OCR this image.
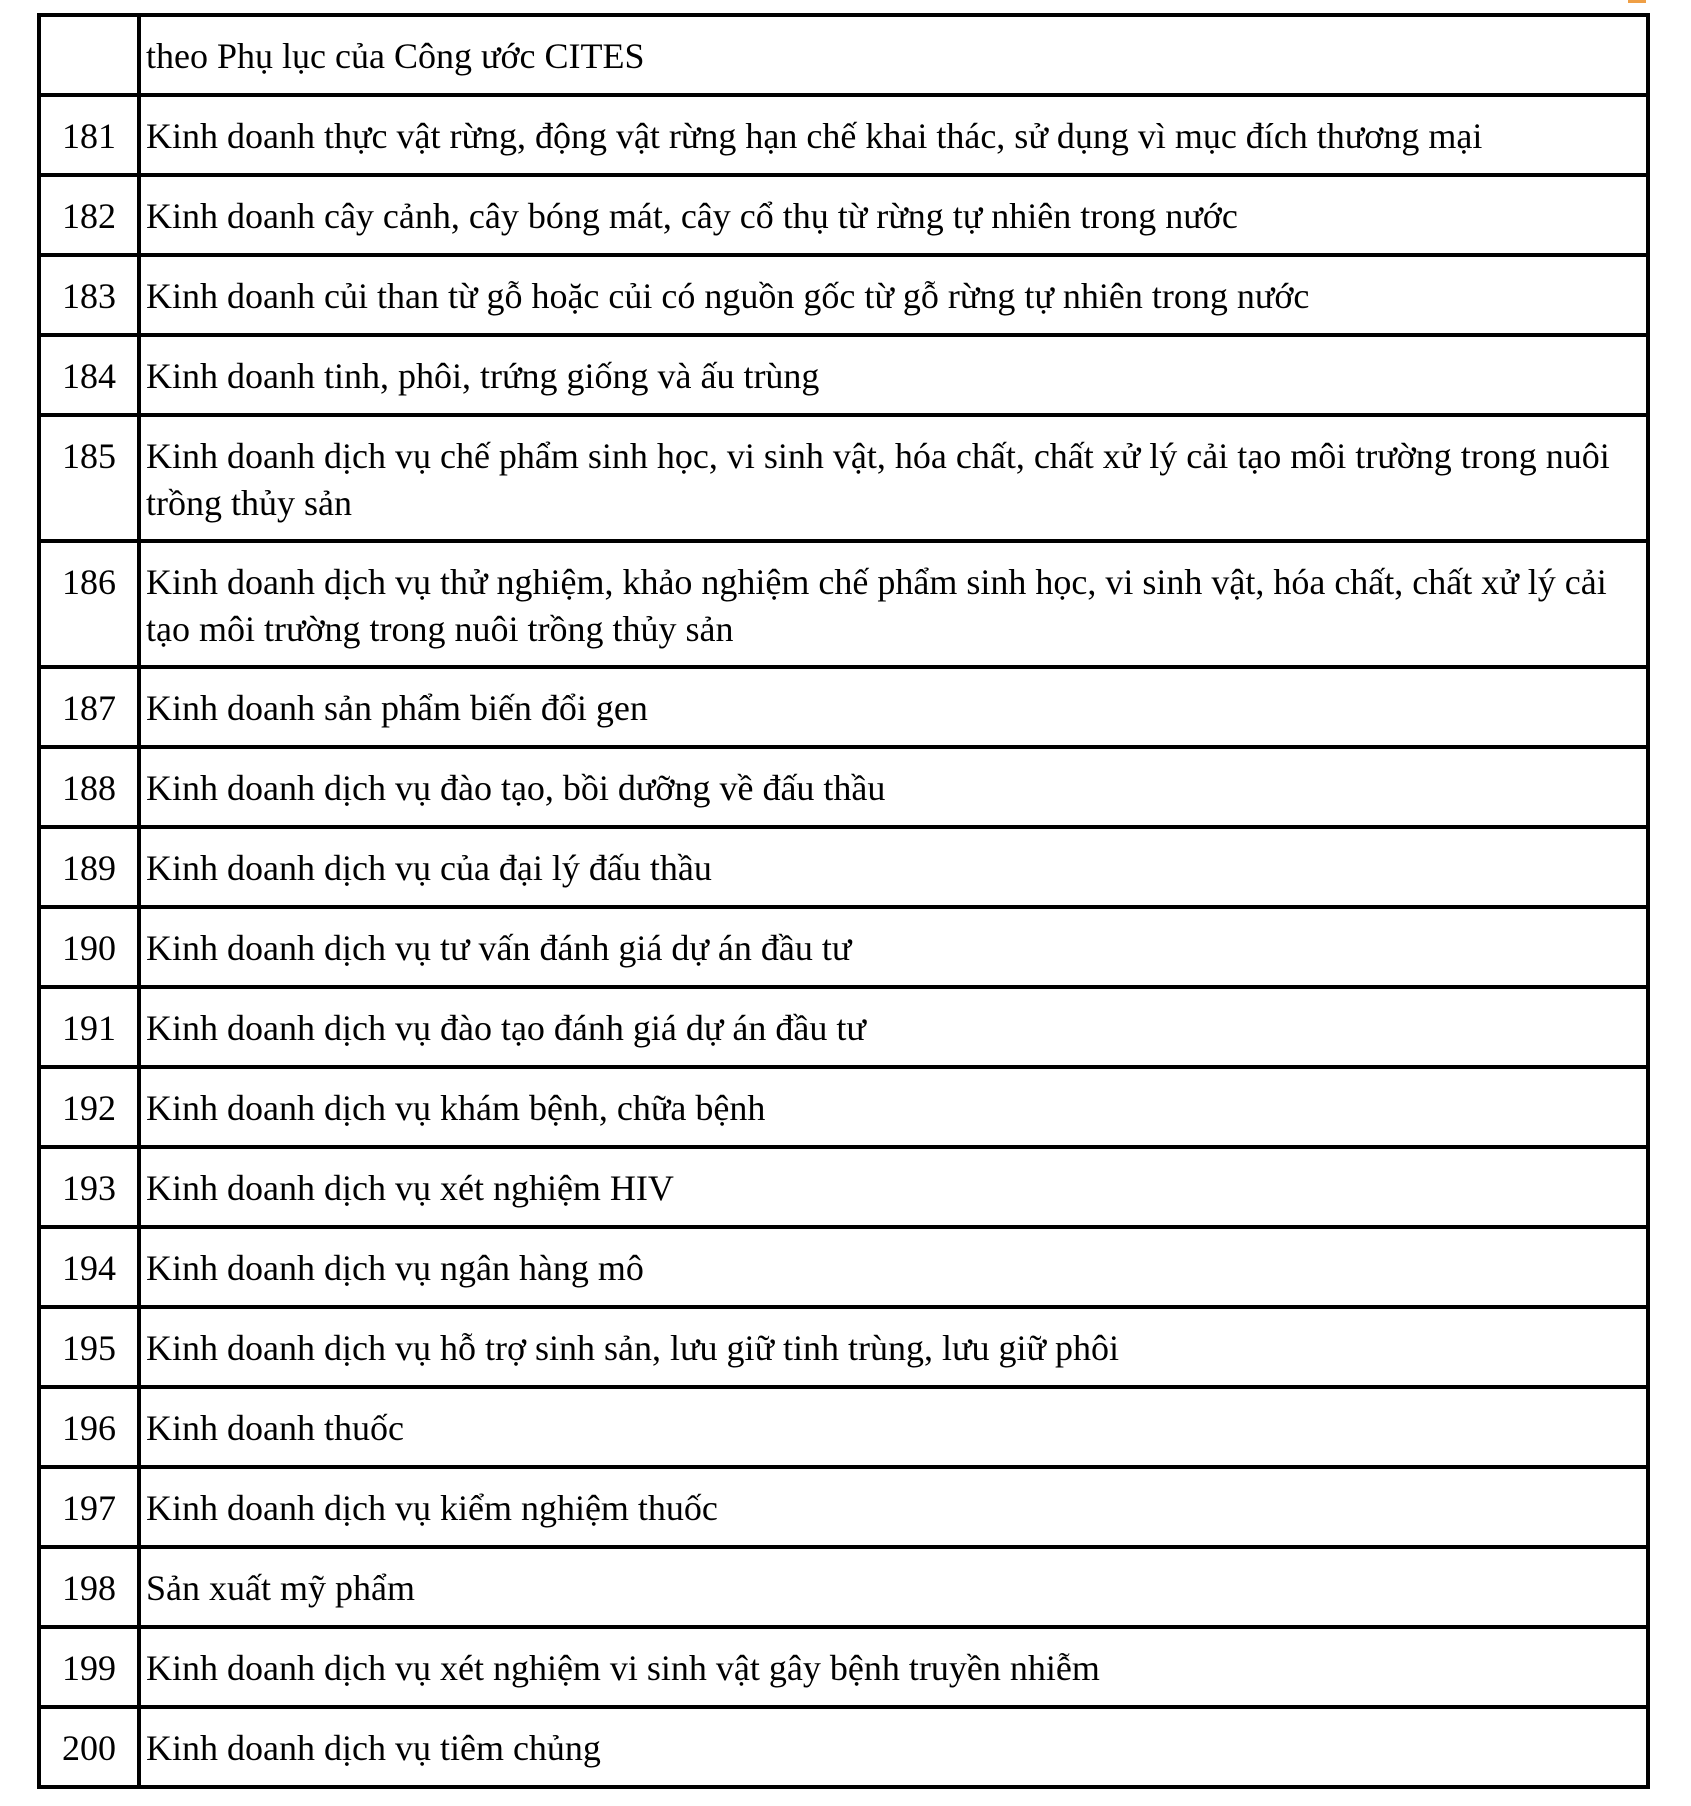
	theo Phụ lục của Công ước CITES
181	Kinh doanh thực vật rừng, động vật rừng hạn chế khai thác, sử dụng vì mục đích thương mại
182	Kinh doanh cây cảnh, cây bóng mát, cây cổ thụ từ rừng tự nhiên trong nước
183	Kinh doanh củi than từ gỗ hoặc củi có nguồn gốc từ gỗ rừng tự nhiên trong nước
184	Kinh doanh tinh, phôi, trứng giống và ấu trùng
185	Kinh doanh dịch vụ chế phẩm sinh học, vi sinh vật, hóa chất, chất xử lý cải tạo môi trường trong nuôi trồng thủy sản
186	Kinh doanh dịch vụ thử nghiệm, khảo nghiệm chế phẩm sinh học, vi sinh vật, hóa chất, chất xử lý cải tạo môi trường trong nuôi trồng thủy sản
187	Kinh doanh sản phẩm biến đổi gen
188	Kinh doanh dịch vụ đào tạo, bồi dưỡng về đấu thầu
189	Kinh doanh dịch vụ của đại lý đấu thầu
190	Kinh doanh dịch vụ tư vấn đánh giá dự án đầu tư
191	Kinh doanh dịch vụ đào tạo đánh giá dự án đầu tư
192	Kinh doanh dịch vụ khám bệnh, chữa bệnh
193	Kinh doanh dịch vụ xét nghiệm HIV
194	Kinh doanh dịch vụ ngân hàng mô
195	Kinh doanh dịch vụ hỗ trợ sinh sản, lưu giữ tinh trùng, lưu giữ phôi
196	Kinh doanh thuốc
197	Kinh doanh dịch vụ kiểm nghiệm thuốc
198	Sản xuất mỹ phẩm
199	Kinh doanh dịch vụ xét nghiệm vi sinh vật gây bệnh truyền nhiễm
200	Kinh doanh dịch vụ tiêm chủng
